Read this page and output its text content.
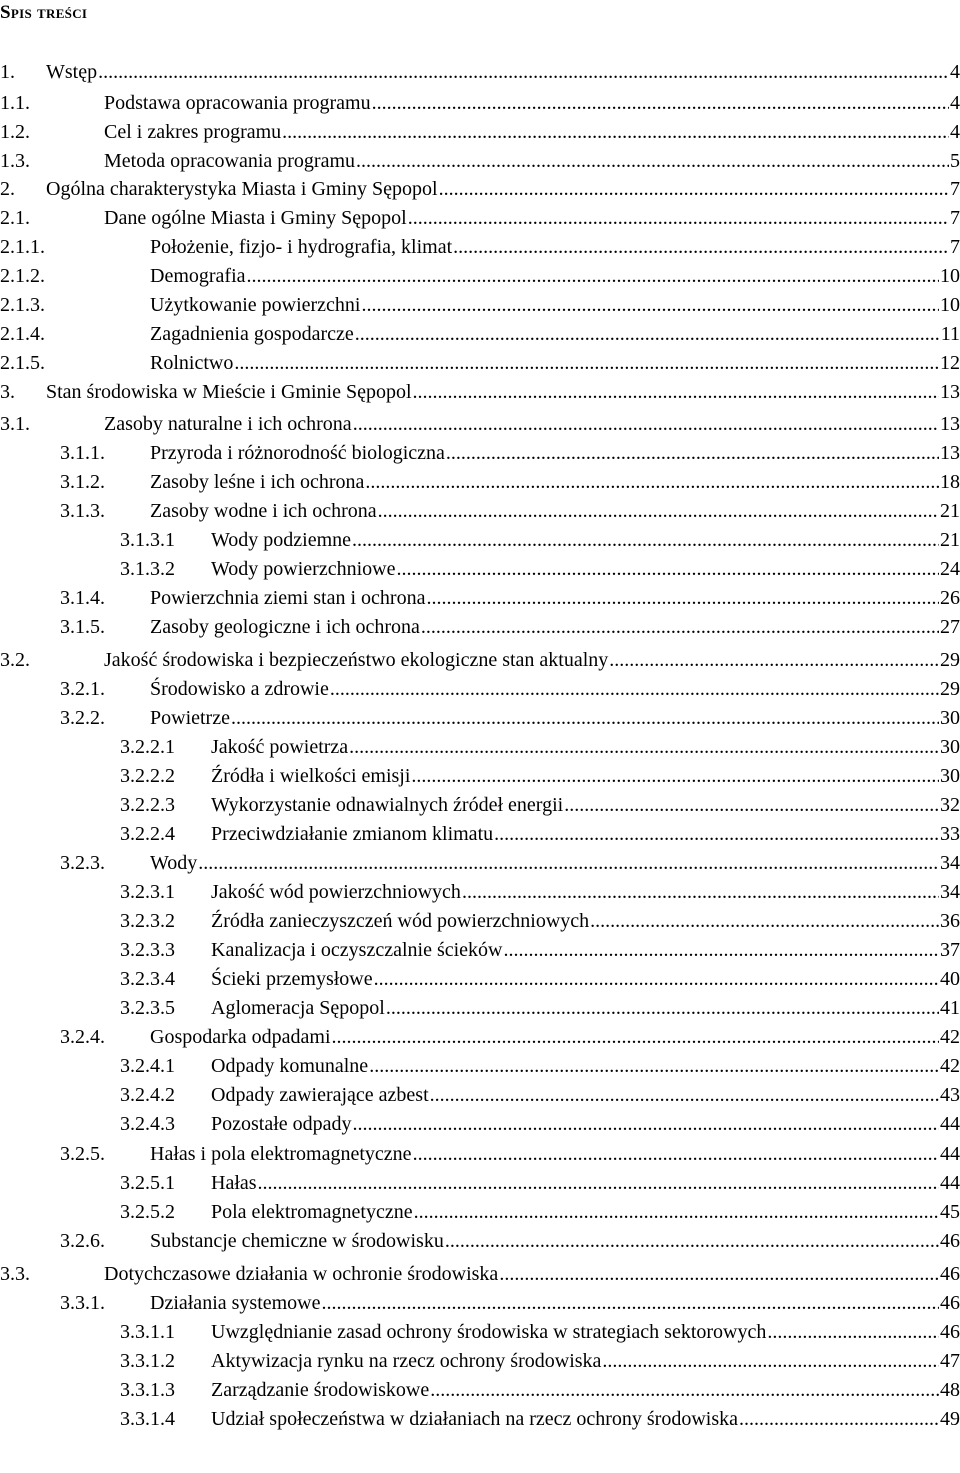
Spis treści
1. Wstęp .....	4
1.1.	Podstawa opracowania programu .....	4
1.2.	Cel i zakres programu .....	4
1.3.	Metoda opracowania programu .....	5
2. Ogólna charakterystyka Miasta i Gminy Sępopol .....	7
2.1.	Dane ogólne Miasta i Gminy Sępopol .....	7
2.1.1.	Położenie, fizjo- i hydrografia, klimat .....	7
2.1.2.	Demografia .....	10
2.1.3.	Użytkowanie powierzchni .....	10
2.1.4.	Zagadnienia gospodarcze .....	11
2.1.5.	Rolnictwo .....	12
3. Stan środowiska w Mieście i Gminie Sępopol .....	13
3.1.	Zasoby naturalne i ich ochrona .....	13
3.1.1. Przyroda i różnorodność biologiczna .....	13
3.1.2. Zasoby leśne i ich ochrona .....	18
3.1.3. Zasoby wodne i ich ochrona .....	21
3.1.3.1 Wody podziemne .....	21
3.1.3.2 Wody powierzchniowe .....	24
3.1.4. Powierzchnia ziemi stan i ochrona .....	26
3.1.5. Zasoby geologiczne i ich ochrona .....	27
3.2.	Jakość środowiska i bezpieczeństwo ekologiczne stan aktualny .....	29
3.2.1. Środowisko a zdrowie .....	29
3.2.2. Powietrze .....	30
3.2.2.1 Jakość powietrza .....	30
3.2.2.2 Źródła i wielkości emisji .....	30
3.2.2.3 Wykorzystanie odnawialnych źródeł energii .....	32
3.2.2.4 Przeciwdziałanie zmianom klimatu .....	33
3.2.3. Wody .....	34
3.2.3.1 Jakość wód powierzchniowych .....	34
3.2.3.2 Źródła zanieczyszczeń wód powierzchniowych .....	36
3.2.3.3 Kanalizacja i oczyszczalnie ścieków .....	37
3.2.3.4 Ścieki przemysłowe .....	40
3.2.3.5 Aglomeracja Sępopol .....	41
3.2.4. Gospodarka odpadami .....	42
3.2.4.1 Odpady komunalne .....	42
3.2.4.2 Odpady zawierające azbest .....	43
3.2.4.3 Pozostałe odpady .....	44
3.2.5. Hałas i pola elektromagnetyczne .....	44
3.2.5.1 Hałas .....	44
3.2.5.2 Pola elektromagnetyczne .....	45
3.2.6. Substancje chemiczne w środowisku .....	46
3.3.	Dotychczasowe działania w ochronie środowiska .....	46
3.3.1. Działania systemowe .....	46
3.3.1.1 Uwzględnianie zasad ochrony środowiska w strategiach sektorowych .....	46
3.3.1.2 Aktywizacja rynku na rzecz ochrony środowiska .....	47
3.3.1.3 Zarządzanie środowiskowe .....	48
3.3.1.4 Udział społeczeństwa w działaniach na rzecz ochrony środowiska .....	49
